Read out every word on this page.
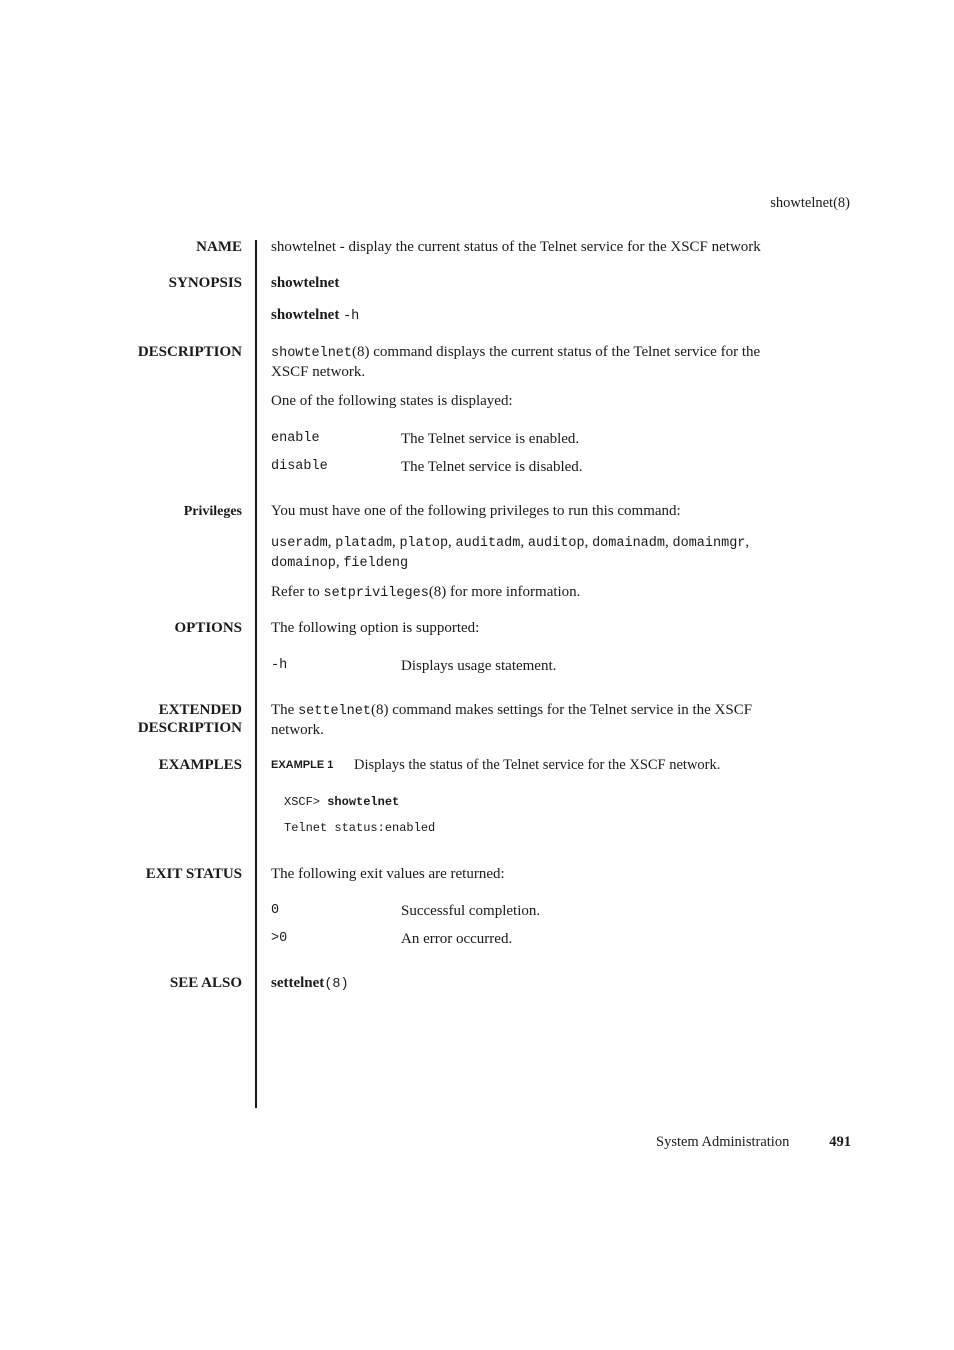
showtelnet(8)
NAME showtelnet - display the current status of the Telnet service for the XSCF network
SYNOPSIS showtelnet
showtelnet -h
DESCRIPTION showtelnet(8) command displays the current status of the Telnet service for the
XSCF network.
One of the following states is displayed:
enable	The Telnet service is enabled.
disable	The Telnet service is disabled.
Privileges You must have one of the following privileges to run this command:
useradm, platadm, platop, auditadm, auditop, domainadm, domainmgr,
domainop, fieldeng
Refer to setprivileges(8) for more information.
OPTIONS The following option is supported:
-h	Displays usage statement.
EXTENDED
DESCRIPTION
The settelnet(8) command makes settings for the Telnet service in the XSCF
network.
EXAMPLES	EXAMPLE 1 Displays the status of the Telnet service for the XSCF network.
XSCF> showtelnet
Telnet status:enabled
EXIT STATUS The following exit values are returned:
0	Successful completion.
>0	An error occurred.
SEE ALSO settelnet(8)
System Administration	491
